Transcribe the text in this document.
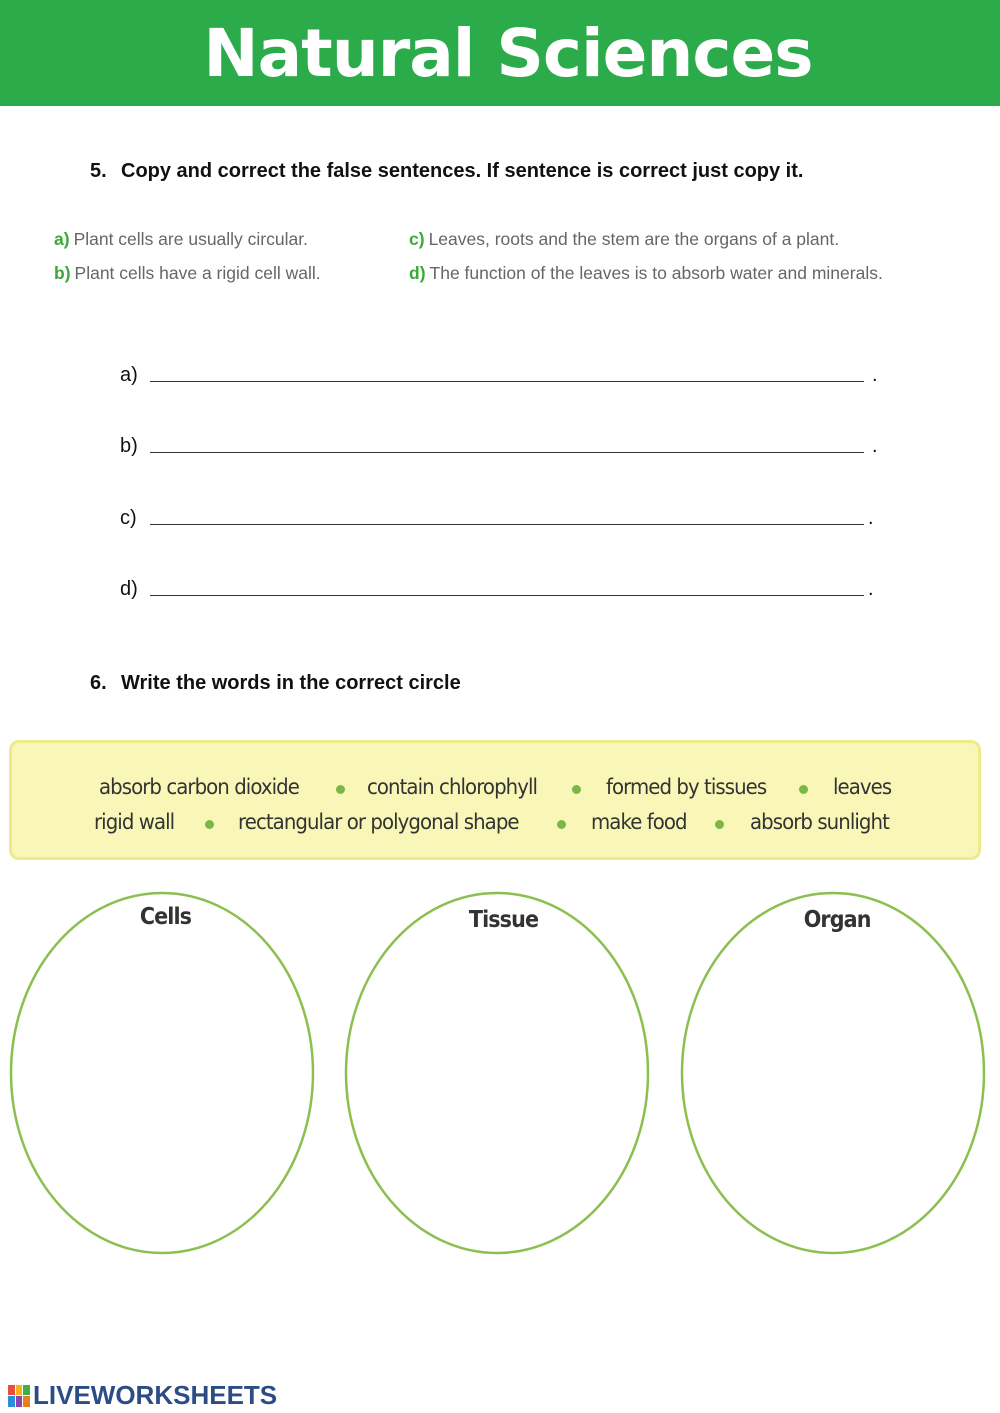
Natural Sciences
5. Copy and correct the false sentences. If sentence is correct just copy it.
a) Plant cells are usually circular.
b) Plant cells have a rigid cell wall.
c) Leaves, roots and the stem are the organs of a plant.
d) The function of the leaves is to absorb water and minerals.
a)	.
b)	.
c)	.
d)	.
6. Write the words in the correct circle
absorb carbon dioxide	contain chlorophyll	formed by tissues	leaves
rigid wall	rectangular or polygonal shape	make food	absorb sunlight
Cells	Tissue	Organ
LIVEWORKSHEETS
